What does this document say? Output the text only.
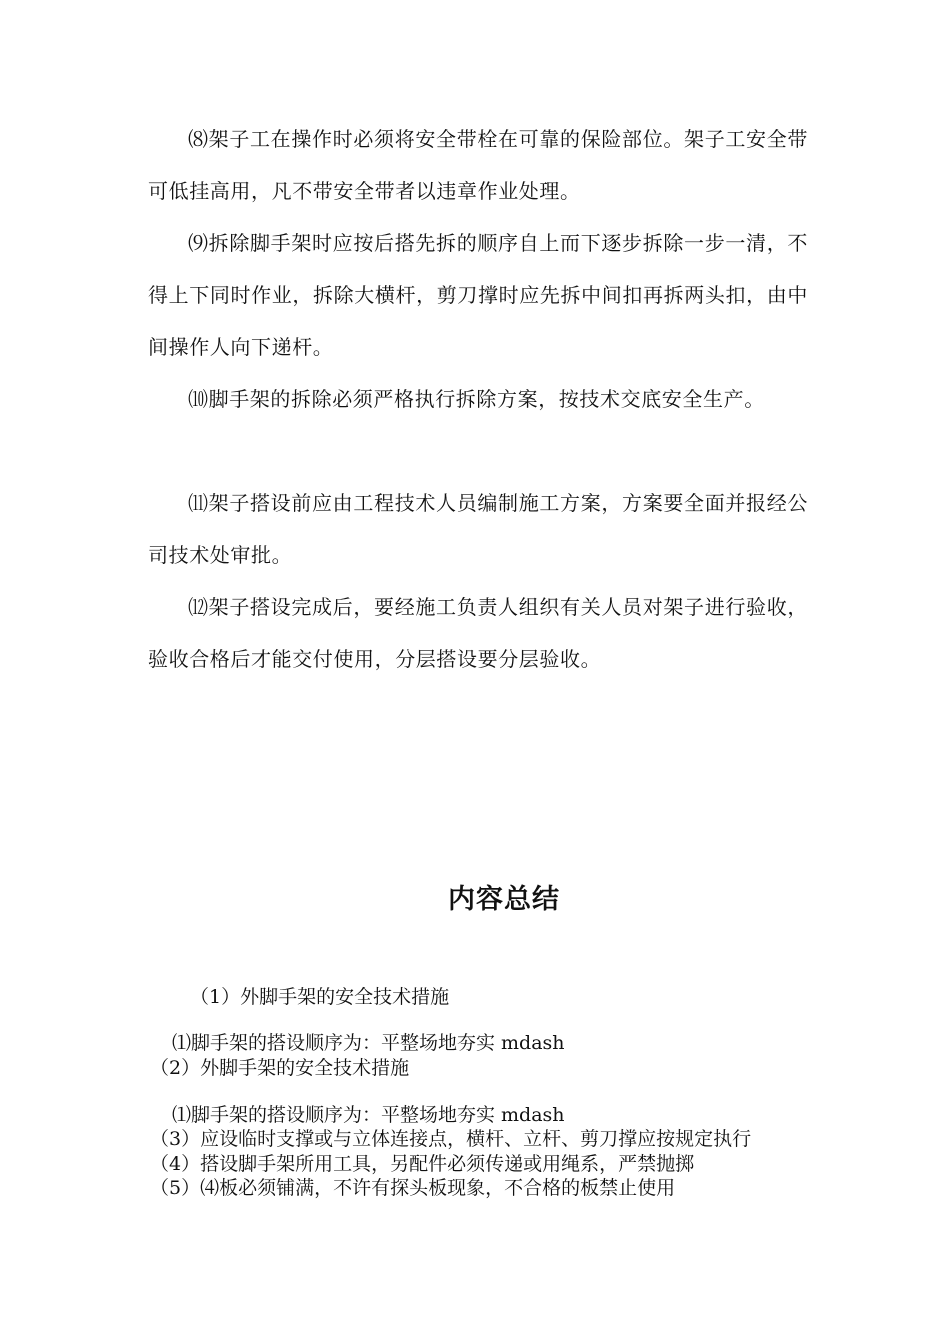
⑻架子工在操作时必须将安全带栓在可靠的保险部位。架子工安全带可低挂高用，凡不带安全带者以违章作业处理。

⑼拆除脚手架时应按后搭先拆的顺序自上而下逐步拆除一步一清，不得上下同时作业，拆除大横杆，剪刀撑时应先拆中间扣再拆两头扣，由中间操作人向下递杆。

⑽脚手架的拆除必须严格执行拆除方案，按技术交底安全生产。

⑾架子搭设前应由工程技术人员编制施工方案，方案要全面并报经公司技术处审批。

⑿架子搭设完成后，要经施工负责人组织有关人员对架子进行验收，验收合格后才能交付使用，分层搭设要分层验收。

内容总结

（1）外脚手架的安全技术措施

⑴脚手架的搭设顺序为：平整场地夯实 mdash

（2）外脚手架的安全技术措施

⑴脚手架的搭设顺序为：平整场地夯实 mdash

（3）应设临时支撑或与立体连接点，横杆、立杆、剪刀撑应按规定执行

（4）搭设脚手架所用工具，另配件必须传递或用绳系，严禁抛掷

（5）⑷板必须铺满，不许有探头板现象，不合格的板禁止使用
